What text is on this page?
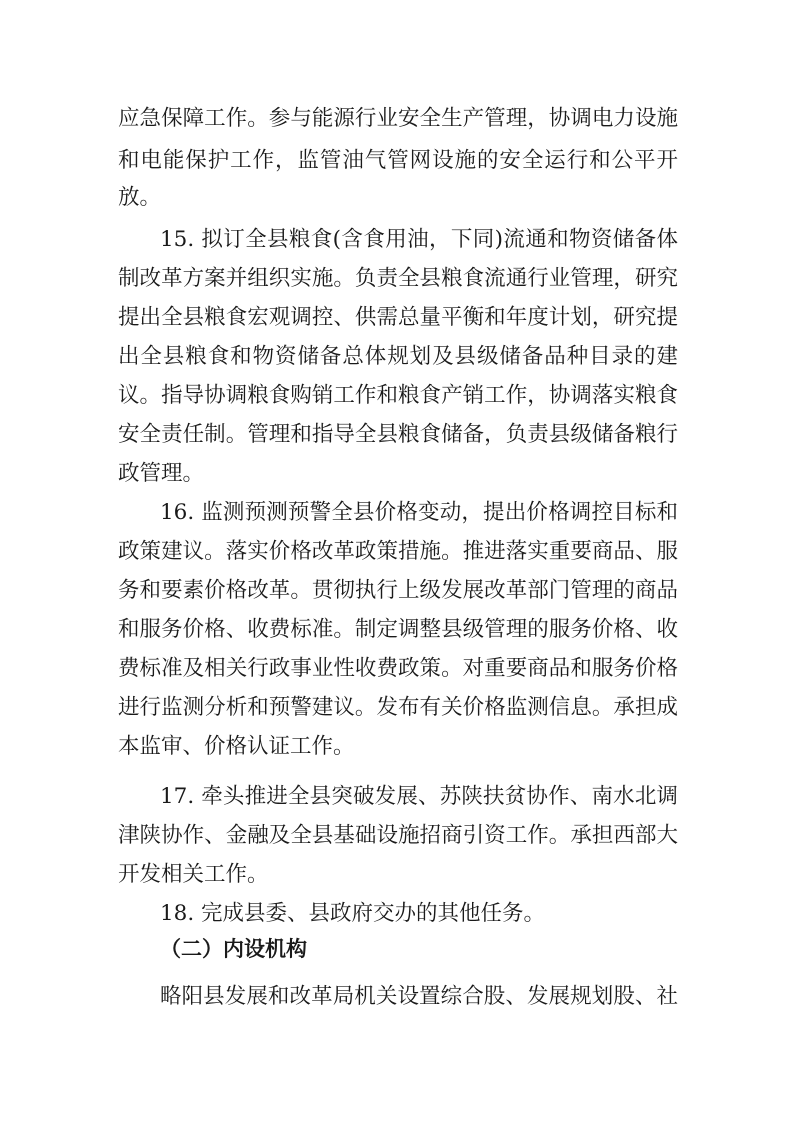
应急保障工作。参与能源行业安全生产管理，协调电力设施
和电能保护工作，监管油气管网设施的安全运行和公平开
放。
15. 拟订全县粮食(含食用油，下同)流通和物资储备体
制改革方案并组织实施。负责全县粮食流通行业管理，研究
提出全县粮食宏观调控、供需总量平衡和年度计划，研究提
出全县粮食和物资储备总体规划及县级储备品种目录的建
议。指导协调粮食购销工作和粮食产销工作，协调落实粮食
安全责任制。管理和指导全县粮食储备，负责县级储备粮行
政管理。
16. 监测预测预警全县价格变动，提出价格调控目标和
政策建议。落实价格改革政策措施。推进落实重要商品、服
务和要素价格改革。贯彻执行上级发展改革部门管理的商品
和服务价格、收费标准。制定调整县级管理的服务价格、收
费标准及相关行政事业性收费政策。对重要商品和服务价格
进行监测分析和预警建议。发布有关价格监测信息。承担成
本监审、价格认证工作。
17. 牵头推进全县突破发展、苏陕扶贫协作、南水北调
津陕协作、金融及全县基础设施招商引资工作。承担西部大
开发相关工作。
18. 完成县委、县政府交办的其他任务。
（二）内设机构
略阳县发展和改革局机关设置综合股、发展规划股、社
